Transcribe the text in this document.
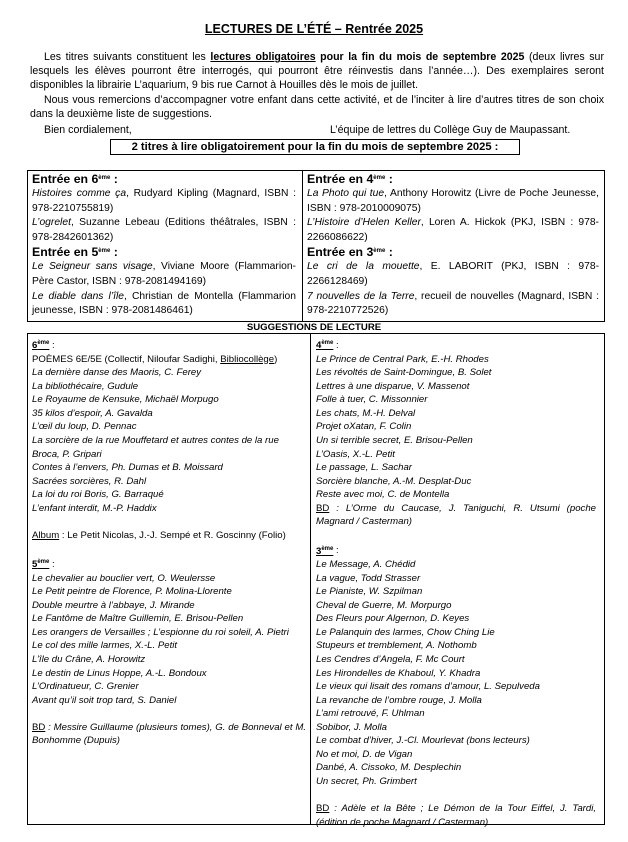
LECTURES DE L’ÉTÉ – Rentrée 2025

Les titres suivants constituent les lectures obligatoires pour la fin du mois de septembre 2025 (deux livres sur lesquels les élèves pourront être interrogés, qui pourront être réinvestis dans l’année…). Des exemplaires seront disponibles la librairie L’aquarium, 9 bis rue Carnot à Houilles dès le mois de juillet.

Nous vous remercions d’accompagner votre enfant dans cette activité, et de l’inciter à lire d’autres titres de son choix dans la deuxième liste de suggestions.

Bien cordialement,	L’équipe de lettres du Collège Guy de Maupassant.
2 titres à lire obligatoirement pour la fin du mois de septembre 2025 :
Entrée en 6ème :
Histoires comme ça, Rudyard Kipling (Magnard, ISBN : 978-2210755819)
L’ogrelet, Suzanne Lebeau (Editions théâtrales, ISBN : 978-2842601362)
Entrée en 5ème :
Le Seigneur sans visage, Viviane Moore (Flammarion-Père Castor, ISBN : 978-2081494169)
Le diable dans l’île, Christian de Montella (Flammarion jeunesse, ISBN : 978-2081486461)
Entrée en 4ème :
La Photo qui tue, Anthony Horowitz (Livre de Poche Jeunesse, ISBN : 978-2010009075)
L’Histoire d’Helen Keller, Loren A. Hickok (PKJ, ISBN : 978-2266086622)
Entrée en 3ème :
Le cri de la mouette, E. LABORIT (PKJ, ISBN : 978-2266128469)
7 nouvelles de la Terre, recueil de nouvelles (Magnard, ISBN : 978-2210772526)
SUGGESTIONS DE LECTURE
6ème :
POÈMES 6E/5E (Collectif, Niloufar Sadighi, Bibliocollège)
La dernière danse des Maoris, C. Ferey
La bibliothécaire, Gudule
Le Royaume de Kensuke, Michaël Morpugo
35 kilos d’espoir, A. Gavalda
L’œil du loup, D. Pennac
La sorcière de la rue Mouffetard et autres contes de la rue
Broca, P. Gripari
Contes à l’envers, Ph. Dumas et B. Moissard
Sacrées sorcières, R. Dahl
La loi du roi Boris, G. Barraqué
L’enfant interdit, M.-P. Haddix
Album : Le Petit Nicolas, J.-J. Sempé et R. Goscinny (Folio)
5ème :
Le chevalier au bouclier vert, O. Weulersse
Le Petit peintre de Florence, P. Molina-Llorente
Double meurtre à l’abbaye, J. Mirande
Le Fantôme de Maître Guillemin, E. Brisou-Pellen
Les orangers de Versailles ; L’espionne du roi soleil, A. Pietri
Le col des mille larmes, X.-L. Petit
L’île du Crâne, A. Horowitz
Le destin de Linus Hoppe, A.-L. Bondoux
L’Ordinatueur, C. Grenier
Avant qu’il soit trop tard, S. Daniel
BD : Messire Guillaume (plusieurs tomes), G. de Bonneval et M. Bonhomme (Dupuis)
4ème :
Le Prince de Central Park, E.-H. Rhodes
Les révoltés de Saint-Domingue, B. Solet
Lettres à une disparue, V. Massenot
Folle à tuer, C. Missonnier
Les chats, M.-H. Delval
Projet oXatan, F. Colin
Un si terrible secret, E. Brisou-Pellen
L’Oasis, X.-L. Petit
Le passage, L. Sachar
Sorcière blanche, A.-M. Desplat-Duc
Reste avec moi, C. de Montella
BD : L’Orme du Caucase, J. Taniguchi, R. Utsumi (poche Magnard / Casterman)
3ème :
Le Message, A. Chédid
La vague, Todd Strasser
Le Pianiste, W. Szpilman
Cheval de Guerre, M. Morpurgo
Des Fleurs pour Algernon, D. Keyes
Le Palanquin des larmes, Chow Ching Lie
Stupeurs et tremblement, A. Nothomb
Les Cendres d’Angela, F. Mc Court
Les Hirondelles de Khaboul, Y. Khadra
Le vieux qui lisait des romans d’amour, L. Sepulveda
La revanche de l’ombre rouge, J. Molla
L’ami retrouvé, F. Uhlman
Sobibor, J. Molla
Le combat d’hiver, J.-Cl. Mourlevat (bons lecteurs)
No et moi, D. de Vigan
Danbé, A. Cissoko, M. Desplechin
Un secret, Ph. Grimbert
BD : Adèle et la Bête ; Le Démon de la Tour Eiffel, J. Tardi, (édition de poche Magnard / Casterman)
